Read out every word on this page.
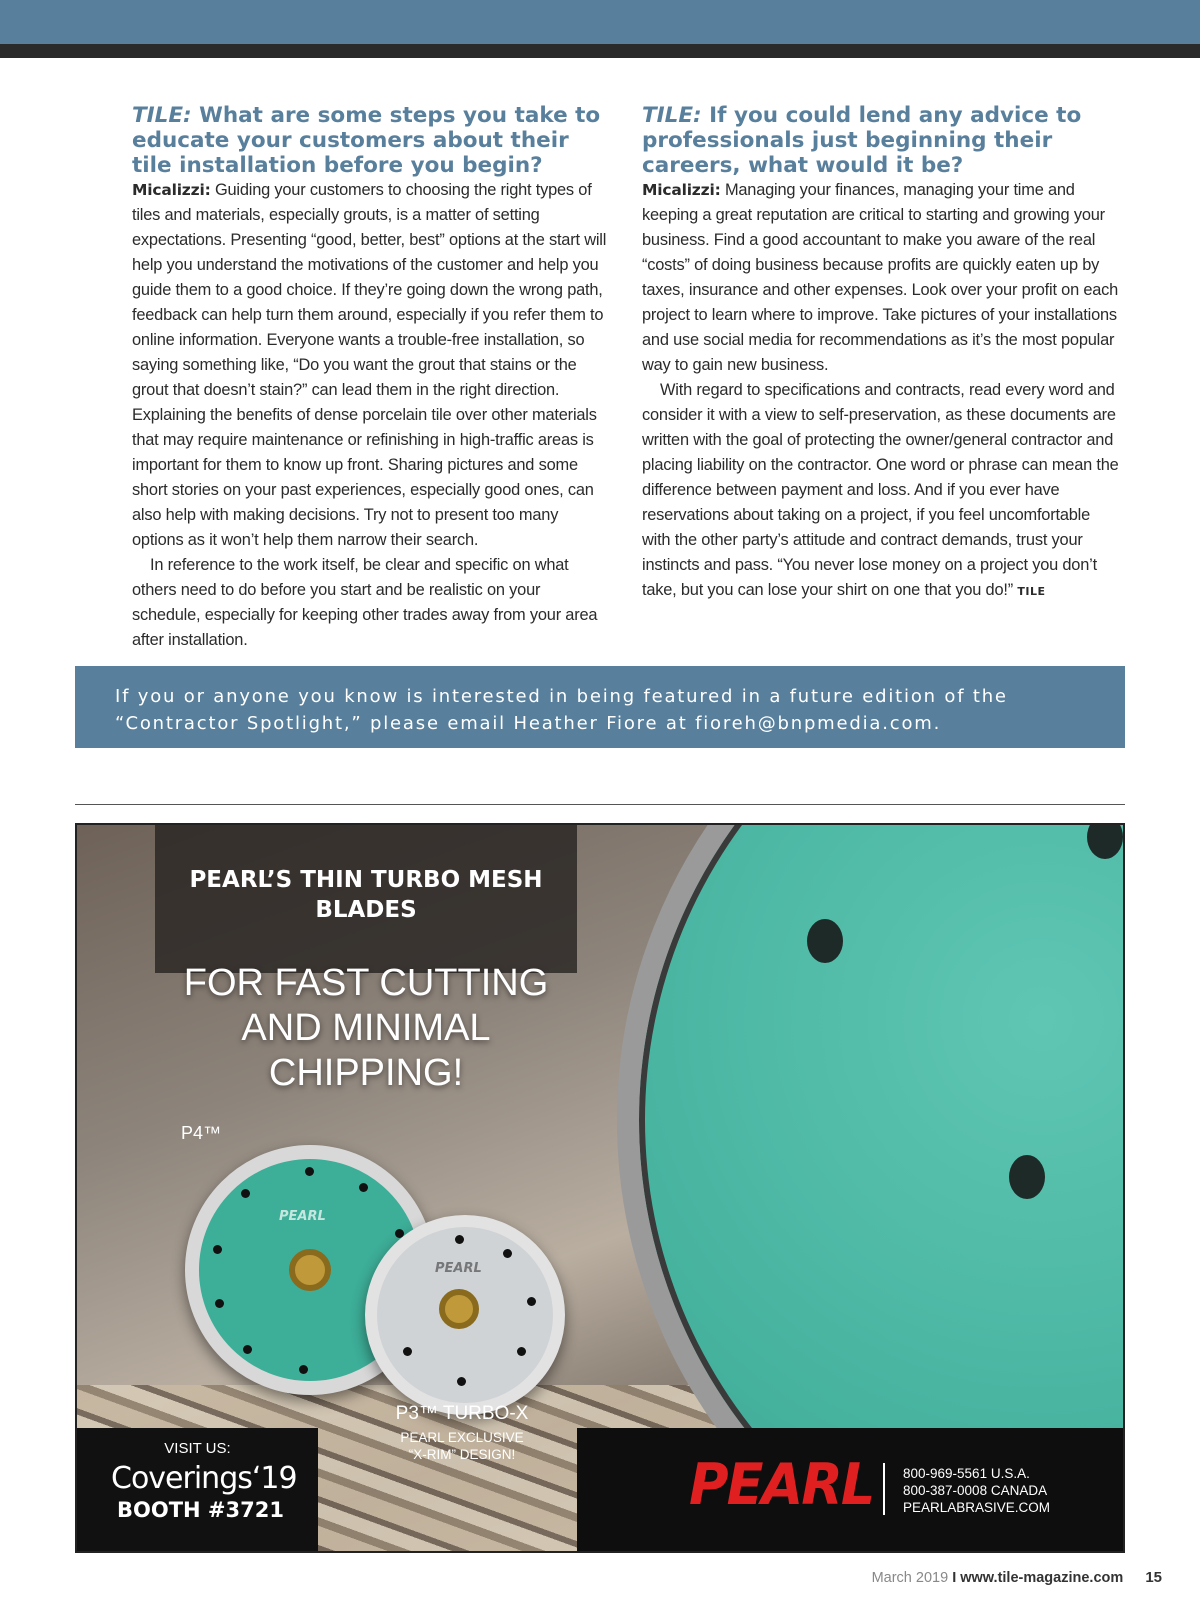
TILE: What are some steps you take to educate your customers about their tile installation before you begin?

Micalizzi: Guiding your customers to choosing the right types of tiles and materials, especially grouts, is a matter of setting expectations. Presenting “good, better, best” options at the start will help you understand the motivations of the customer and help you guide them to a good choice. If they’re going down the wrong path, feedback can help turn them around, especially if you refer them to online information. Everyone wants a trouble-free installation, so saying something like, “Do you want the grout that stains or the grout that doesn’t stain?” can lead them in the right direction. Explaining the benefits of dense porcelain tile over other materials that may require maintenance or refinishing in high-traffic areas is important for them to know up front. Sharing pictures and some short stories on your past experiences, especially good ones, can also help with making decisions. Try not to present too many options as it won’t help them narrow their search.

In reference to the work itself, be clear and specific on what others need to do before you start and be realistic on your schedule, especially for keeping other trades away from your area after installation.

TILE: If you could lend any advice to professionals just beginning their careers, what would it be?

Micalizzi: Managing your finances, managing your time and keeping a great reputation are critical to starting and growing your business. Find a good accountant to make you aware of the real “costs” of doing business because profits are quickly eaten up by taxes, insurance and other expenses. Look over your profit on each project to learn where to improve. Take pictures of your installations and use social media for recommendations as it’s the most popular way to gain new business.

With regard to specifications and contracts, read every word and consider it with a view to self-preservation, as these documents are written with the goal of protecting the owner/general contractor and placing liability on the contractor. One word or phrase can mean the difference between payment and loss. And if you ever have reservations about taking on a project, if you feel uncomfortable with the other party’s attitude and contract demands, trust your instincts and pass. “You never lose money on a project you don’t take, but you can lose your shirt on one that you do!” TILE

If you or anyone you know is interested in being featured in a future edition of the “Contractor Spotlight,” please email Heather Fiore at fioreh@bnpmedia.com.
PEARL’S THIN TURBO MESH BLADES
FOR FAST CUTTING
AND MINIMAL
CHIPPING!
P4™
PEARL
PEARL
P3™ TURBO-X
PEARL EXCLUSIVE
“X-RIM” DESIGN!
VISIT US:
Coverings‘19
BOOTH #3721	PEARL 800-969-5561 U.S.A.
800-387-0008 CANADA
PEARLABRASIVE.COM
March 2019 I www.tile-magazine.com 15
